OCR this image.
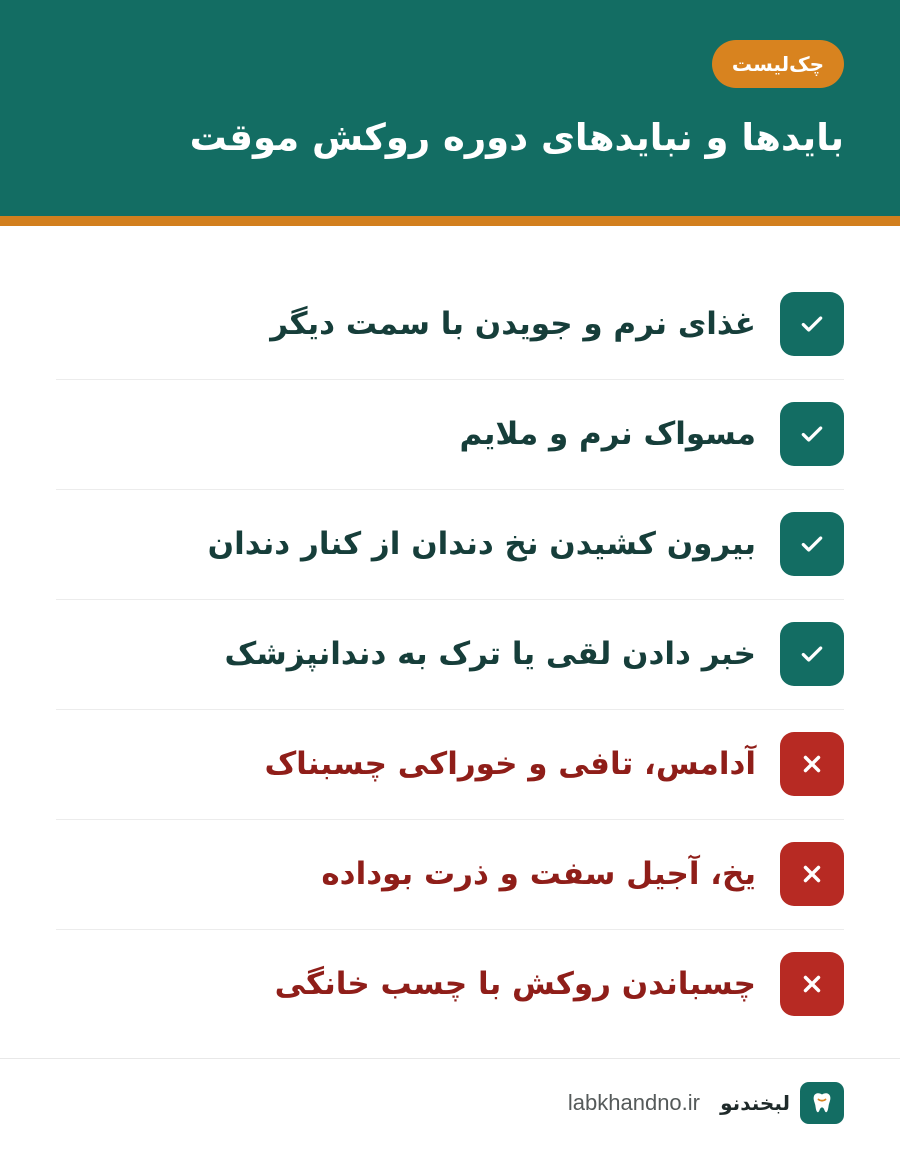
چک‌لیست
بایدها و نبایدهای دوره روکش موقت
غذای نرم و جویدن با سمت دیگر
مسواک نرم و ملایم
بیرون کشیدن نخ دندان از کنار دندان
خبر دادن لقی یا ترک به دندانپزشک
آدامس، تافی و خوراکی چسبناک
یخ، آجیل سفت و ذرت بوداده
چسباندن روکش با چسب خانگی
لبخندنو
labkhandno.ir
